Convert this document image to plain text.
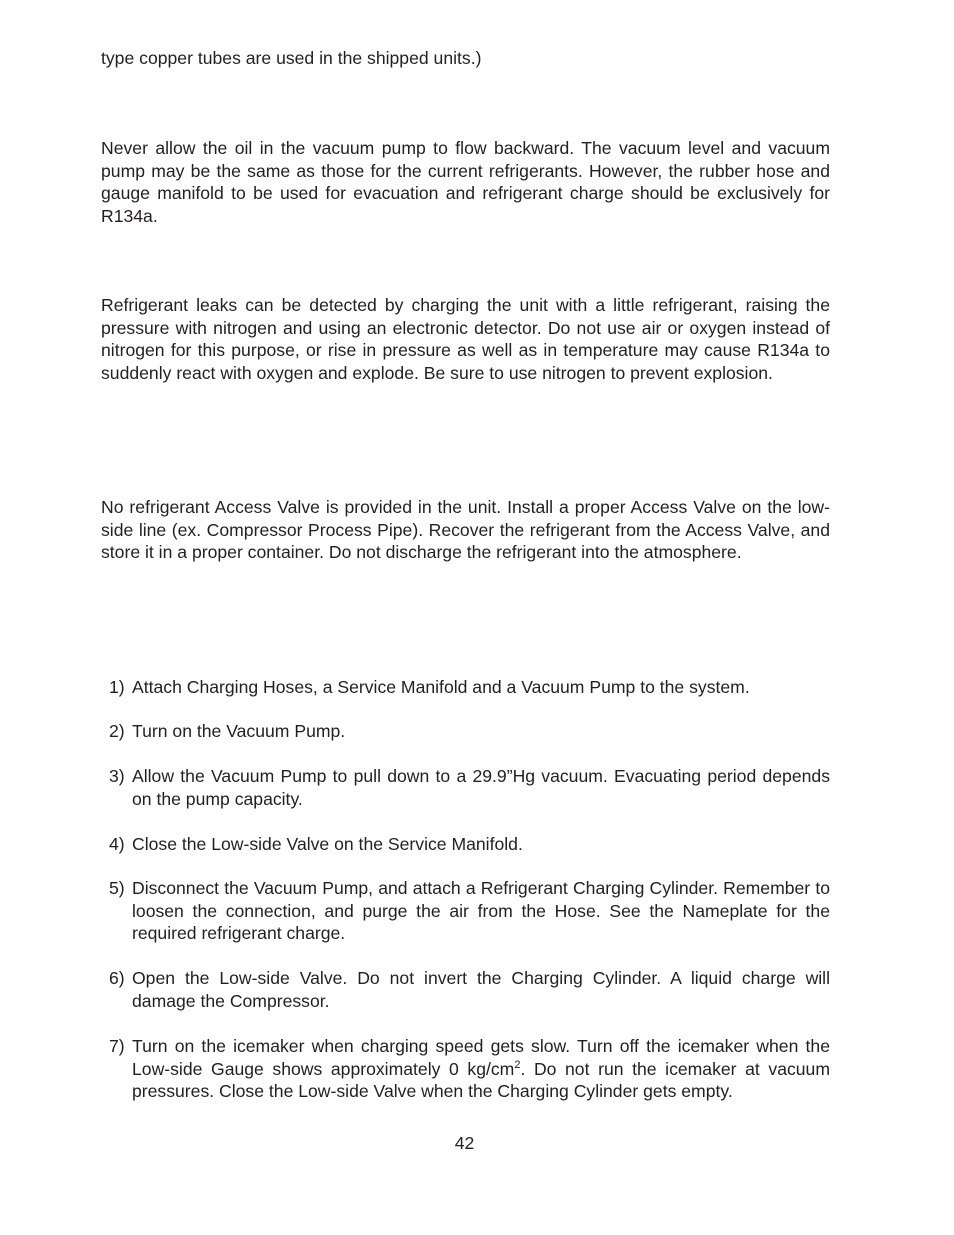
type copper tubes are used in the shipped units.)

Never allow the oil in the vacuum pump to flow backward. The vacuum level and vacuum pump may be the same as those for the current refrigerants. However, the rubber hose and gauge manifold to be used for evacuation and refrigerant charge should be exclusively for R134a.

Refrigerant leaks can be detected by charging the unit with a little refrigerant, raising the pressure with nitrogen and using an electronic detector. Do not use air or oxygen instead of nitrogen for this purpose, or rise in pressure as well as in temperature may cause R134a to suddenly react with oxygen and explode. Be sure to use nitrogen to prevent explosion.

No refrigerant Access Valve is provided in the unit. Install a proper Access Valve on the low-side line (ex. Compressor Process Pipe). Recover the refrigerant from the Access Valve, and store it in a proper container. Do not discharge the refrigerant into the atmosphere.

1) Attach Charging Hoses, a Service Manifold and a Vacuum Pump to the system.
2) Turn on the Vacuum Pump.
3) Allow the Vacuum Pump to pull down to a 29.9”Hg vacuum. Evacuating period depends on the pump capacity.
4) Close the Low-side Valve on the Service Manifold.
5) Disconnect the Vacuum Pump, and attach a Refrigerant Charging Cylinder. Remember to loosen the connection, and purge the air from the Hose. See the Nameplate for the required refrigerant charge.
6) Open the Low-side Valve. Do not invert the Charging Cylinder. A liquid charge will damage the Compressor.
7) Turn on the icemaker when charging speed gets slow. Turn off the icemaker when the Low-side Gauge shows approximately 0 $kg/cm^2$. Do not run the icemaker at vacuum pressures. Close the Low-side Valve when the Charging Cylinder gets empty.
42
